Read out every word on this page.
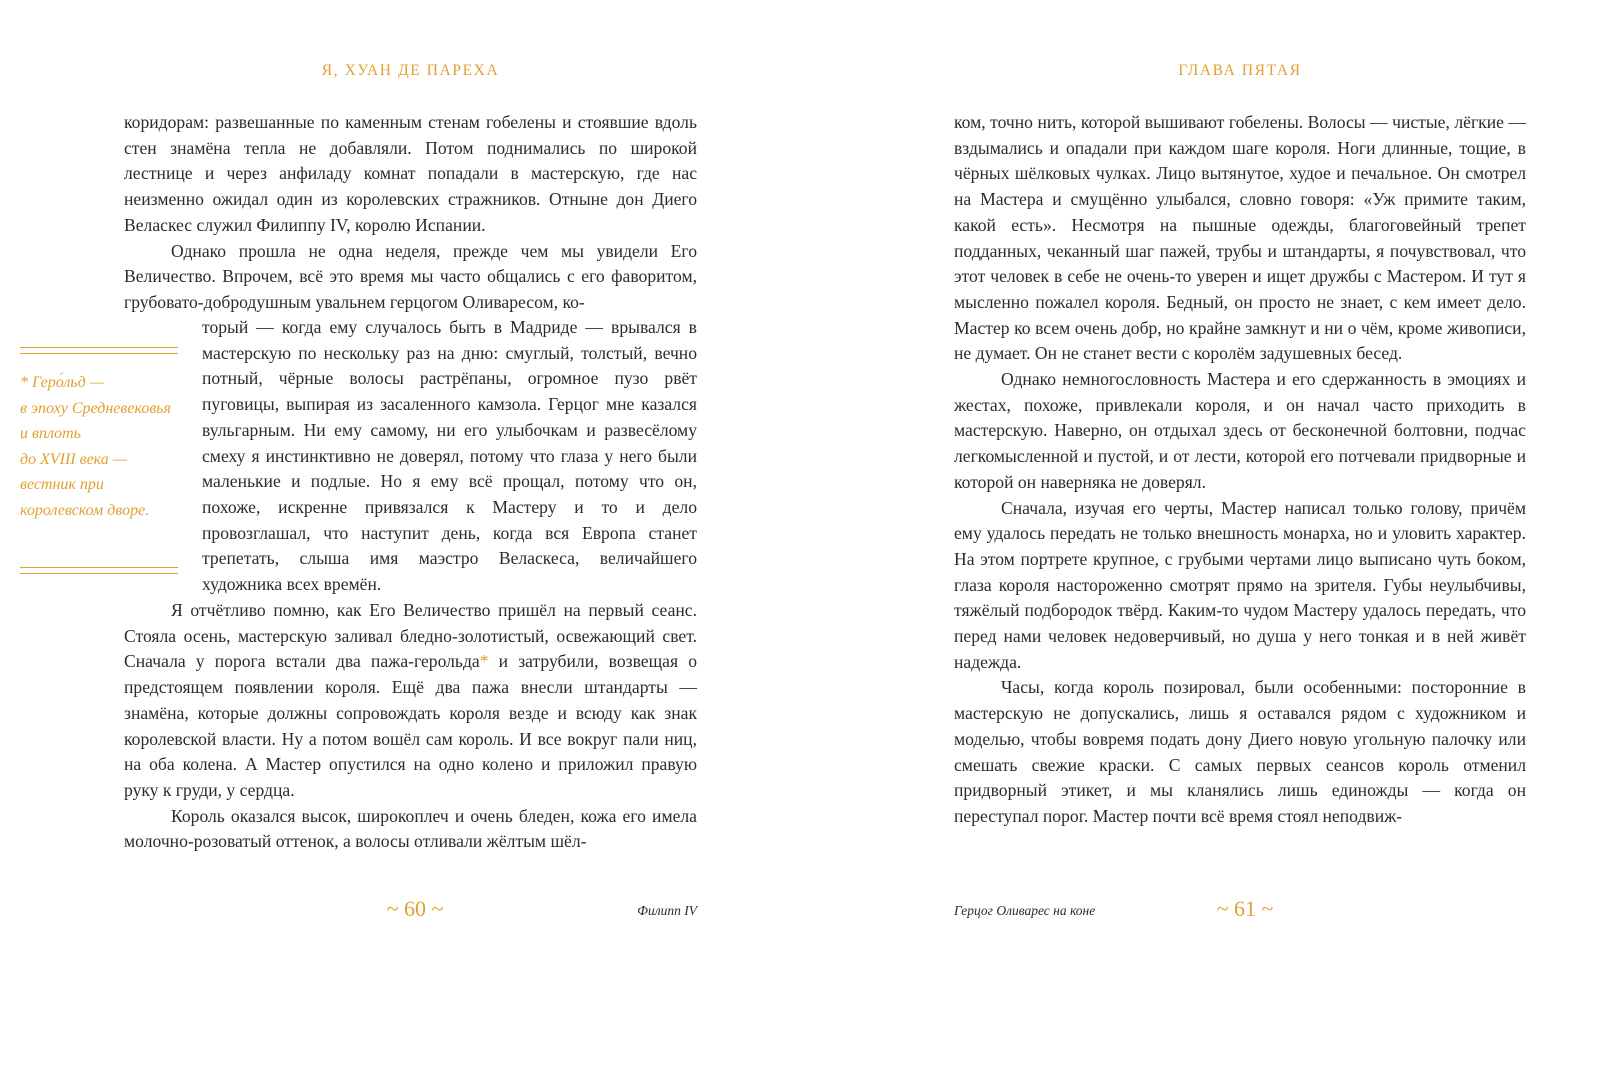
Я, ХУАН ДЕ ПАРЕХА

коридорам: развешанные по каменным стенам гобелены и стоявшие вдоль стен знамёна тепла не добавляли. Потом поднимались по широкой лестнице и через анфиладу комнат попадали в мастерскую, где нас неизменно ожидал один из королевских стражников. Отныне дон Диего Веласкес служил Филиппу IV, королю Испании.

Однако прошла не одна неделя, прежде чем мы увидели Его Величество. Впрочем, всё это время мы часто общались с его фаворитом, грубовато-добродушным увальнем герцогом Оливаресом, ко-

торый — когда ему случалось быть в Мадриде — врывался в мастерскую по нескольку раз на дню: смуглый, толстый, вечно потный, чёрные волосы растрёпаны, огромное пузо рвёт пуговицы, выпирая из засаленного камзола. Герцог мне казался вульгарным. Ни ему самому, ни его улыбочкам и развесёлому смеху я инстинктивно не доверял, потому что глаза у него были маленькие и подлые. Но я ему всё прощал, потому что он, похоже, искренне привязался к Мастеру и то и дело провозглашал, что наступит день, когда вся Европа станет трепетать, слыша имя маэстро Веласкеса, величайшего художника всех времён.

* Геро́льд —
в эпоху Средневековья
и вплоть
до XVIII века —
вестник при
королевском дворе.

Я отчётливо помню, как Его Величество пришёл на первый сеанс. Стояла осень, мастерскую заливал бледно-золотистый, освежающий свет. Сначала у порога встали два пажа-герольда* и затрубили, возвещая о предстоящем появлении короля. Ещё два пажа внесли штандарты — знамёна, которые должны сопровождать короля везде и всюду как знак королевской власти. Ну а потом вошёл сам король. И все вокруг пали ниц, на оба колена. А Мастер опустился на одно колено и приложил правую руку к груди, у сердца.

Король оказался высок, широкоплеч и очень бледен, кожа его имела молочно-розоватый оттенок, а волосы отливали жёлтым шёл-

~ 60 ~	Филипп IV
ГЛАВА ПЯТАЯ

ком, точно нить, которой вышивают гобелены. Волосы — чистые, лёгкие — вздымались и опадали при каждом шаге короля. Ноги длинные, тощие, в чёрных шёлковых чулках. Лицо вытянутое, худое и печальное. Он смотрел на Мастера и смущённо улыбался, словно говоря: «Уж примите таким, какой есть». Несмотря на пышные одежды, благоговейный трепет подданных, чеканный шаг пажей, трубы и штандарты, я почувствовал, что этот человек в себе не очень-то уверен и ищет дружбы с Мастером. И тут я мысленно пожалел короля. Бедный, он просто не знает, с кем имеет дело. Мастер ко всем очень добр, но крайне замкнут и ни о чём, кроме живописи, не думает. Он не станет вести с королём задушевных бесед.

Однако немногословность Мастера и его сдержанность в эмоциях и жестах, похоже, привлекали короля, и он начал часто приходить в мастерскую. Наверно, он отдыхал здесь от бесконечной болтовни, подчас легкомысленной и пустой, и от лести, которой его потчевали придворные и которой он наверняка не доверял.

Сначала, изучая его черты, Мастер написал только голову, причём ему удалось передать не только внешность монарха, но и уловить характер. На этом портрете крупное, с грубыми чертами лицо выписано чуть боком, глаза короля настороженно смотрят прямо на зрителя. Губы неулыбчивы, тяжёлый подбородок твёрд. Каким-то чудом Мастеру удалось передать, что перед нами человек недоверчивый, но душа у него тонкая и в ней живёт надежда.

Часы, когда король позировал, были особенными: посторонние в мастерскую не допускались, лишь я оставался рядом с художником и моделью, чтобы вовремя подать дону Диего новую угольную палочку или смешать свежие краски. С самых первых сеансов король отменил придворный этикет, и мы кланялись лишь единожды — когда он переступал порог. Мастер почти всё время стоял неподвиж-

Герцог Оливарес на коне	~ 61 ~
